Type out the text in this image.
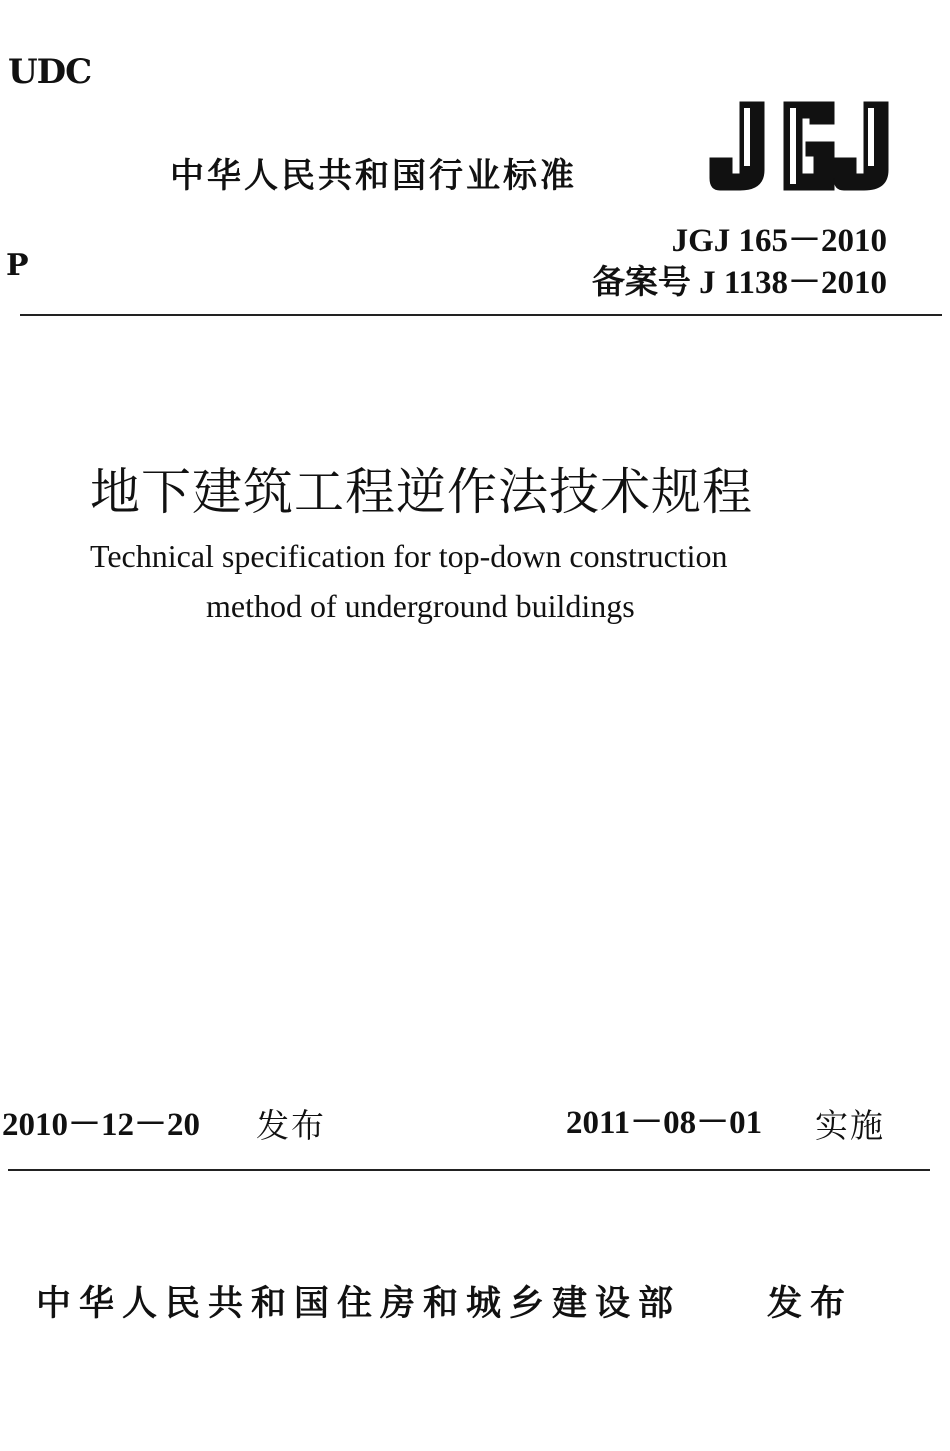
UDC
P
中华人民共和国行业标准
JGJ
JGJ 165－2010
备案号 J 1138－2010
地下建筑工程逆作法技术规程
Technical specification for top-down construction
method of underground buildings
2010－12－20 发布	2011－08－01 实施
中华人民共和国住房和城乡建设部 发布
